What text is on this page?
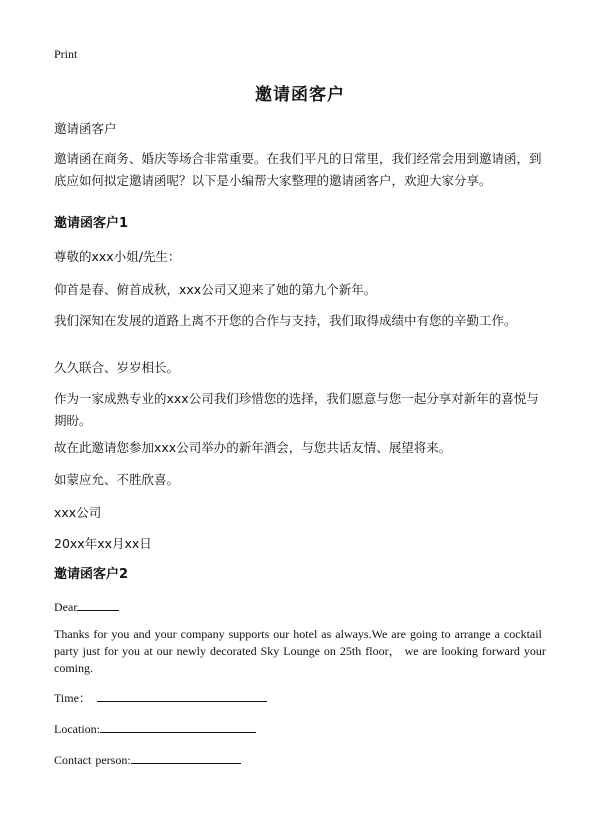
Print
邀请函客户

邀请函客户

邀请函在商务、婚庆等场合非常重要。在我们平凡的日常里，我们经常会用到邀请函，到底应如何拟定邀请函呢？以下是小编帮大家整理的邀请函客户，欢迎大家分享。

邀请函客户1

尊敬的xxx小姐/先生：

仰首是春、俯首成秋，xxx公司又迎来了她的第九个新年。

我们深知在发展的道路上离不开您的合作与支持，我们取得成绩中有您的辛勤工作。

久久联合、岁岁相长。

作为一家成熟专业的xxx公司我们珍惜您的选择，我们愿意与您一起分享对新年的喜悦与期盼。

故在此邀请您参加xxx公司举办的新年酒会，与您共话友情、展望将来。

如蒙应允、不胜欣喜。

xxx公司

20xx年xx月xx日

邀请函客户2

Dear

Thanks for you and your company supports our hotel as always.We are going to arrange a cocktail party just for you at our newly decorated Sky Lounge on 25th floor， we are looking forward your coming.

Time：

Location:

Contact person:
